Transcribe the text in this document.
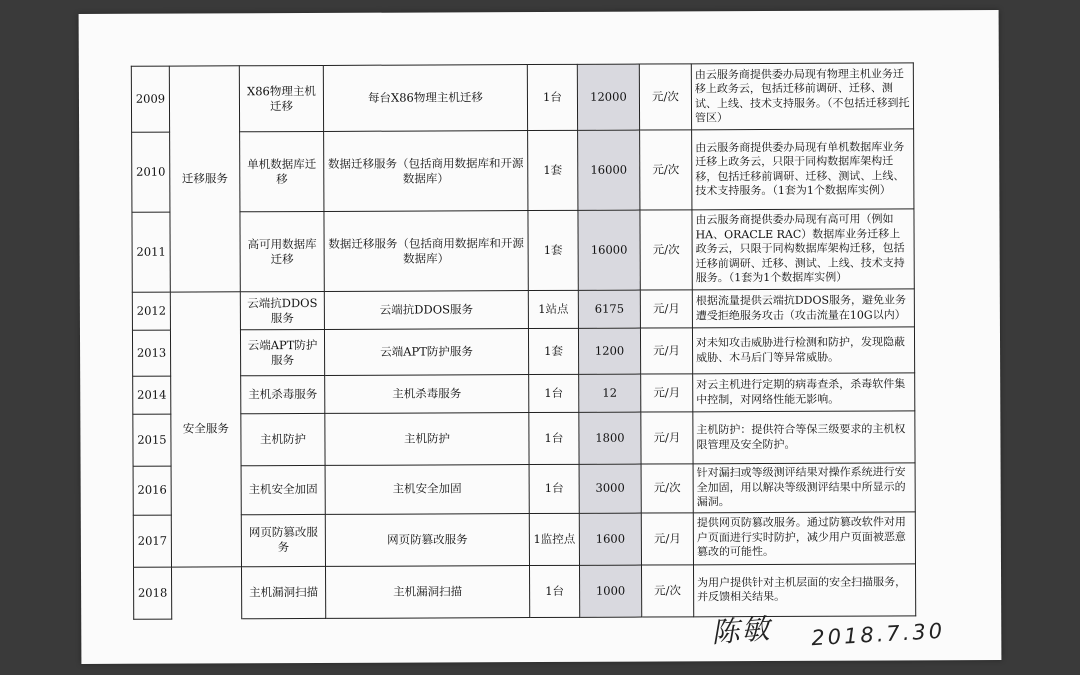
2009	迁移服务	X86物理主机迁移	每台X86物理主机迁移	1台	12000	元/次	由云服务商提供委办局现有物理主机业务迁移上政务云，包括迁移前调研、迁移、测试、上线、技术支持服务。（不包括迁移到托管区）
2010		单机数据库迁移	数据迁移服务（包括商用数据库和开源数据库）	1套	16000	元/次	由云服务商提供委办局现有单机数据库业务迁移上政务云，只限于同构数据库架构迁移，包括迁移前调研、迁移、测试、上线、技术支持服务。（1套为1个数据库实例）
2011		高可用数据库迁移	数据迁移服务（包括商用数据库和开源数据库）	1套	16000	元/次	由云服务商提供委办局现有高可用（例如HA、ORACLE RAC）数据库业务迁移上政务云，只限于同构数据库架构迁移，包括迁移前调研、迁移、测试、上线、技术支持服务。（1套为1个数据库实例）
2012	安全服务	云端抗DDOS服务	云端抗DDOS服务	1站点	6175	元/月	根据流量提供云端抗DDOS服务，避免业务遭受拒绝服务攻击（攻击流量在10G以内）
2013		云端APT防护服务	云端APT防护服务	1套	1200	元/月	对未知攻击威胁进行检测和防护，发现隐蔽威胁、木马后门等异常威胁。
2014		主机杀毒服务	主机杀毒服务	1台	12	元/月	对云主机进行定期的病毒查杀，杀毒软件集中控制，对网络性能无影响。
2015		主机防护	主机防护	1台	1800	元/月	主机防护：提供符合等保三级要求的主机权限管理及安全防护。
2016		主机安全加固	主机安全加固	1台	3000	元/次	针对漏扫或等级测评结果对操作系统进行安全加固，用以解决等级测评结果中所显示的漏洞。
2017		网页防篡改服务	网页防篡改服务	1监控点	1600	元/月	提供网页防篡改服务。通过防篡改软件对用户页面进行实时防护，减少用户页面被恶意篡改的可能性。
2018		主机漏洞扫描	主机漏洞扫描	1台	1000	元/次	为用户提供针对主机层面的安全扫描服务，并反馈相关结果。
陈敏 2018.7.30
